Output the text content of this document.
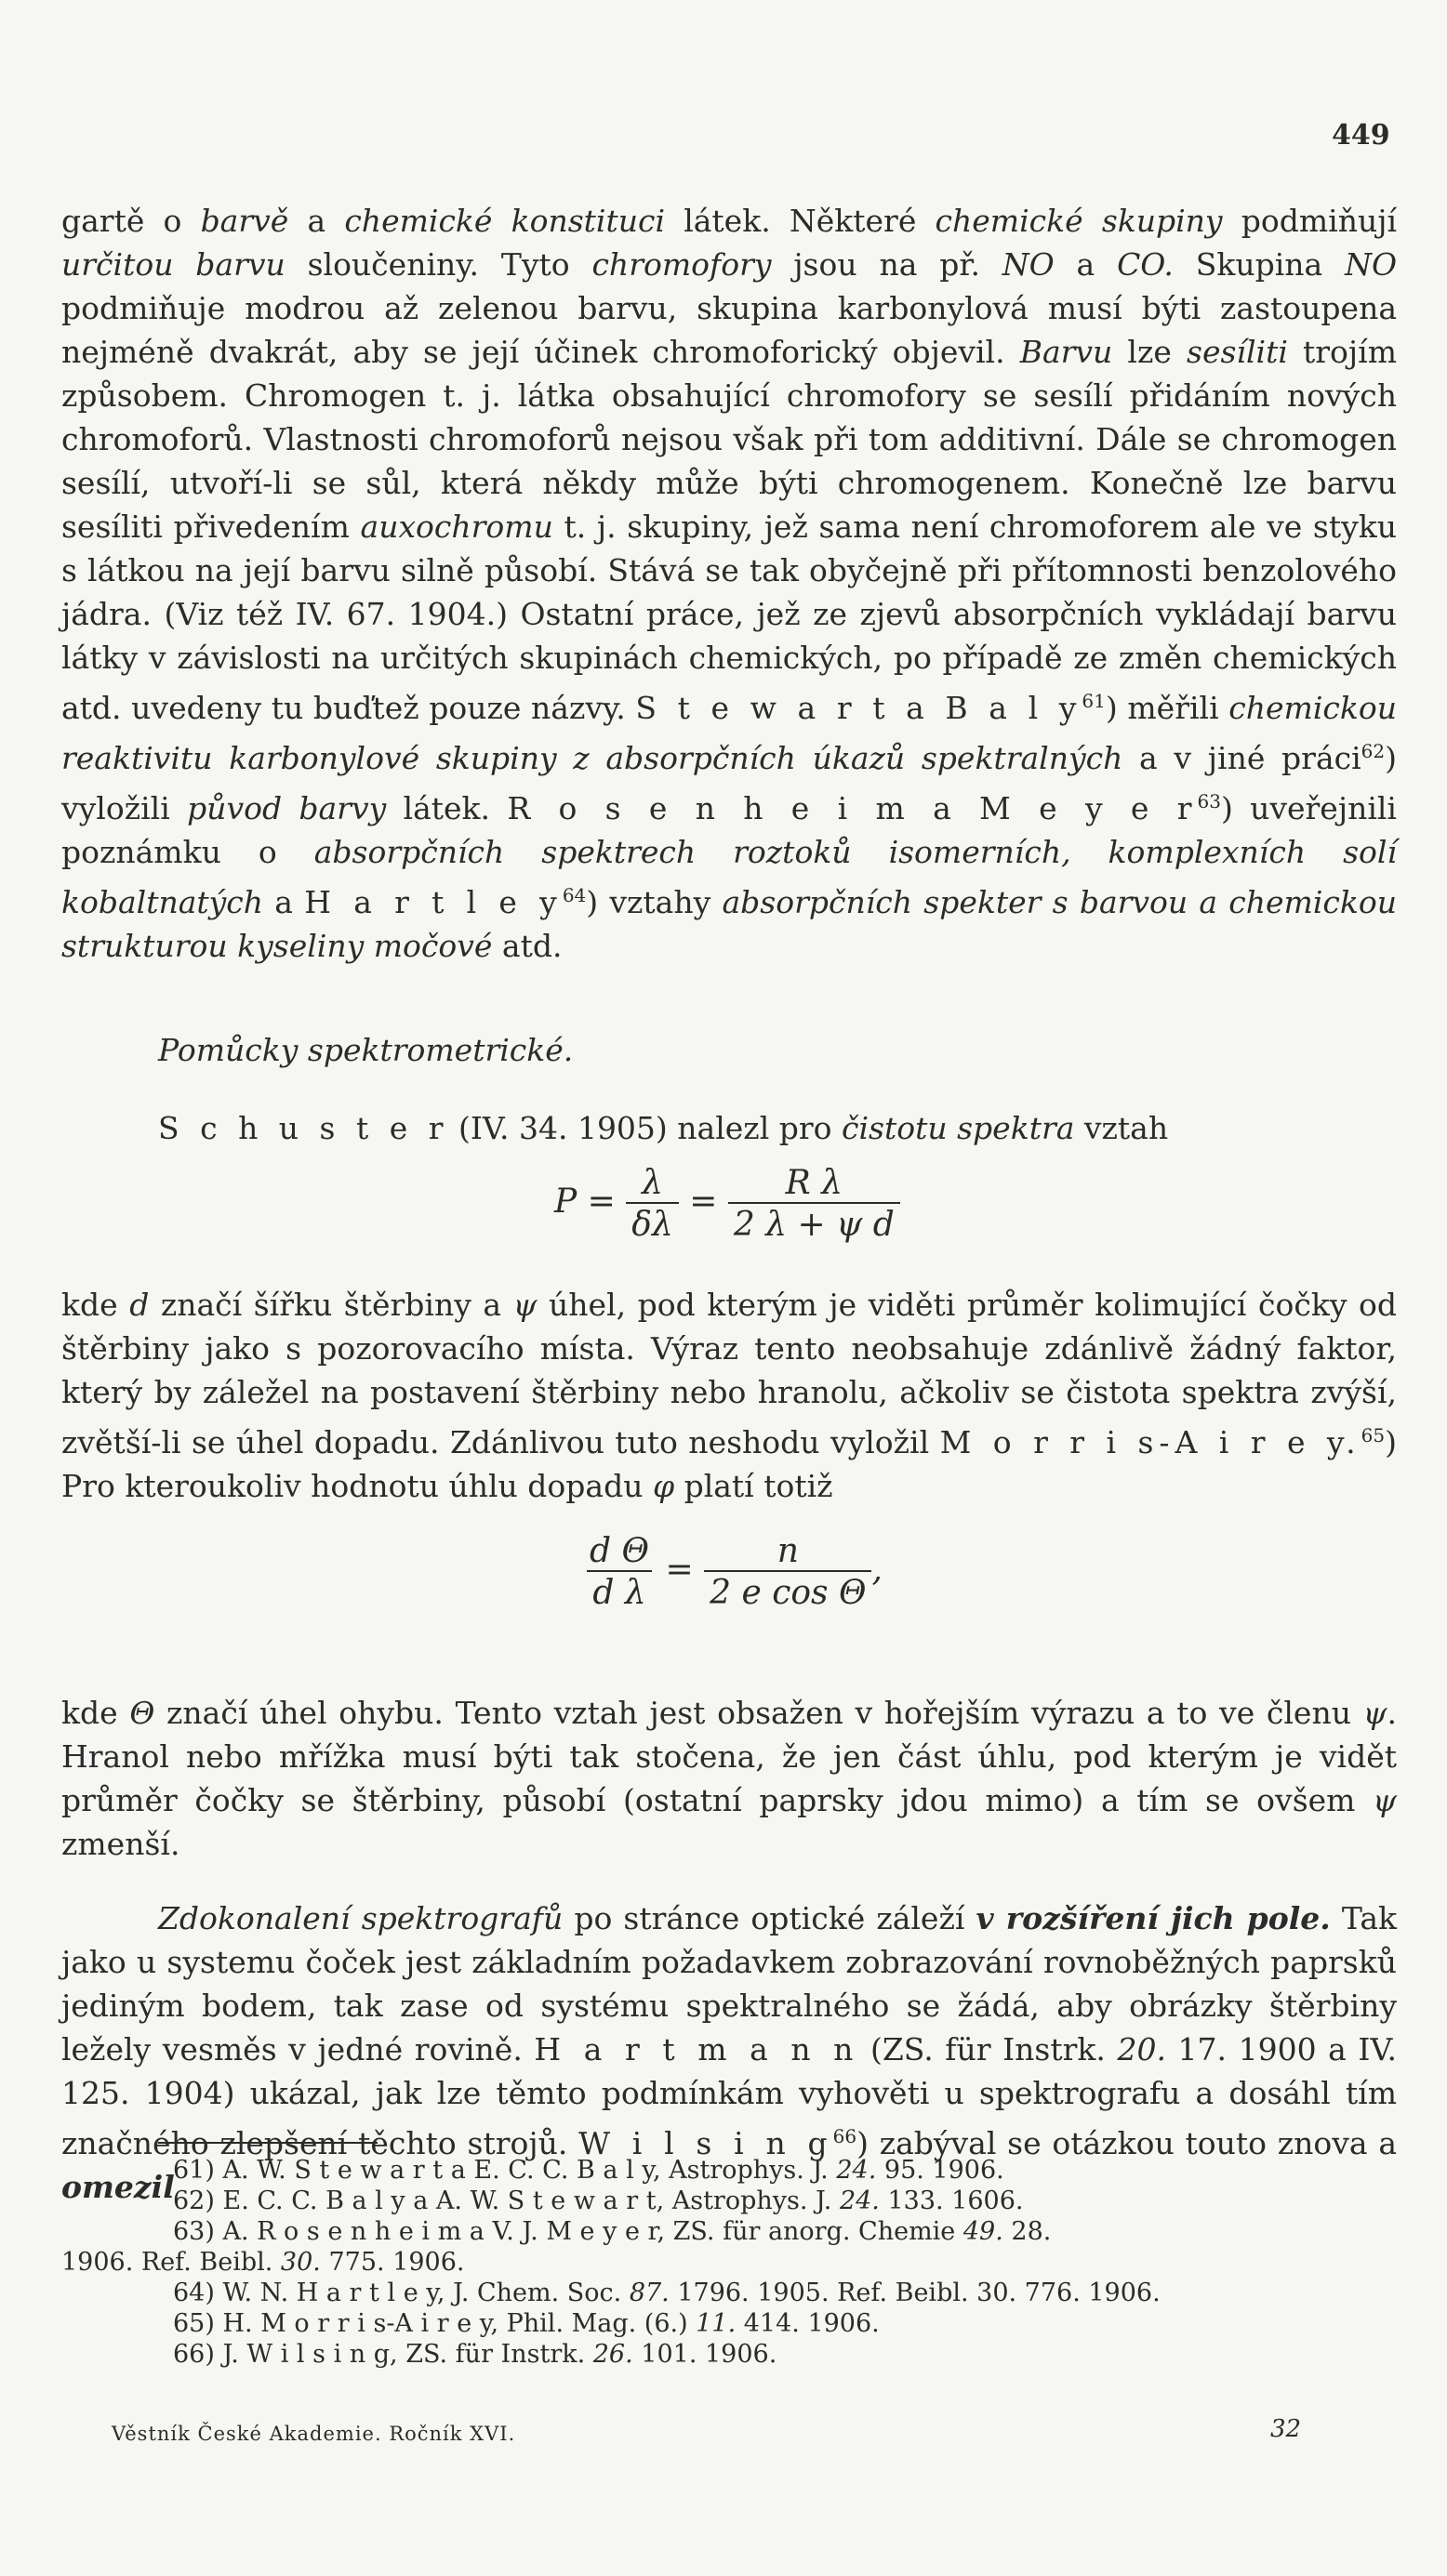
449

gartě o barvě a chemické konstituci látek. Některé chemické skupiny podmiňují určitou barvu sloučeniny. Tyto chromofory jsou na př. NO a CO. Skupina NO podmiňuje modrou až zelenou barvu, skupina karbonylová musí býti zastoupena nejméně dvakrát, aby se její účinek chromoforický objevil. Barvu lze sesíliti trojím způsobem. Chromogen t. j. látka obsahující chromofory se sesílí přidáním nových chromoforů. Vlastnosti chromoforů nejsou však při tom additivní. Dále se chromogen sesílí, utvoří-li se sůl, která někdy může býti chromogenem. Konečně lze barvu sesíliti přivedením auxochromu t. j. skupiny, jež sama není chromoforem ale ve styku s látkou na její barvu silně působí. Stává se tak obyčejně při přítomnosti benzolového jádra. (Viz též IV. 67. 1904.) Ostatní práce, jež ze zjevů absorpčních vykládají barvu látky v závislosti na určitých skupinách chemických, po případě ze změn chemických atd. uvedeny tu buďtež pouze názvy. S t e w a r t a B a l $y^{61}$) měřili chemickou reaktivitu karbonylové skupiny z absorpčních úkazů spektralných a v jiné práci$^{62}$) vyložili původ barvy látek. R o s e n h e i m a M e y e $r^{63}$) uveřejnili poznámku o absorpčních spektrech roztoků isomerních, komplexních solí kobaltnatých a H a r t l e $y^{64}$) vztahy absorpčních spekter s barvou a chemickou strukturou kyseliny močové atd.

Pomůcky spektrometrické.
S c h u s t e r (IV. 34. 1905) nalezl pro čistotu spektra vztah
$P = \frac{\lambda}{\delta\lambda} = \frac{\text{R λ}}{\text{2 λ + ψ d}}$
kde d značí šířku štěrbiny a ψ úhel, pod kterým je viděti průměr kolimující čočky od štěrbiny jako s pozorovacího místa. Výraz tento neobsahuje zdánlivě žádný faktor, který by záležel na postavení štěrbiny nebo hranolu, ačkoliv se čistota spektra zvýší, zvětší-li se úhel dopadu. Zdánlivou tuto neshodu vyložil M o r r i s-A i r e y.$^{65}$) Pro kteroukoliv hodnotu úhlu dopadu φ platí totiž
$\frac{\text{d Θ}}{\text{d λ}} = \frac{n}{\text{2 e cos Θ}}$ ,

kde Θ značí úhel ohybu. Tento vztah jest obsažen v hořejším výrazu a to ve členu ψ. Hranol nebo mřížka musí býti tak stočena, že jen část úhlu, pod kterým je vidět průměr čočky se štěrbiny, působí (ostatní paprsky jdou mimo) a tím se ovšem ψ zmenší.

Zdokonalení spektrografů po stránce optické záleží v rozšíření jich pole. Tak jako u systemu čoček jest základním požadavkem zobrazování rovnoběžných paprsků jediným bodem, tak zase od systému spektralného se žádá, aby obrázky štěrbiny ležely vesměs v jedné rovině. H a r t m a n n (ZS. für Instrk. 20. 17. 1900 a IV. 125. 1904) ukázal, jak lze těmto podmínkám vyhověti u spektrografu a dosáhl tím značného zlepšení těchto strojů. W i l s i n $g^{66}$) zabýval se otázkou touto znova a omezil

61) A. W. S t e w a r t a E. C. C. B a l y, Astrophys. J. 24. 95. 1906.
62) E. C. C. B a l y a A. W. S t e w a r t, Astrophys. J. 24. 133. 1606.
63) A. R o s e n h e i m a V. J. M e y e r, ZS. für anorg. Chemie 49. 28.
1906. Ref. Beibl. 30. 775. 1906.
64) W. N. H a r t l e y, J. Chem. Soc. 87. 1796. 1905. Ref. Beibl. 30. 776. 1906.
65) H. M o r r i s-A i r e y, Phil. Mag. (6.) 11. 414. 1906.
66) J. W i l s i n g, ZS. für Instrk. 26. 101. 1906.
Věstník České Akademie. Ročník XVI.	32
